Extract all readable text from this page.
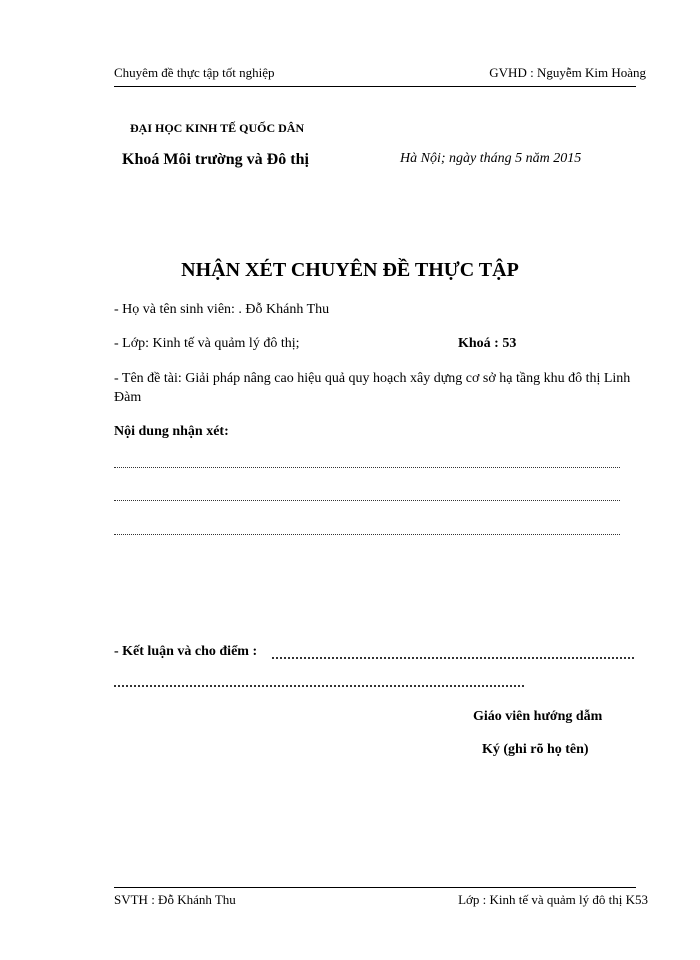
Chuyêm đề thực tập tốt nghiệp	GVHD : Nguyễm Kim Hoàng
ĐẠI HỌC KINH TẾ QUỐC DÂN
Khoá Môi trường và Đô thị	Hà Nội; ngày tháng 5 năm 2015
NHẬN XÉT CHUYÊN ĐỀ THỰC TẬP
- Họ và tên sinh viên: . Đỗ Khánh Thu
- Lớp: Kinh tế và quảm lý đô thị;	Khoá : 53
- Tên đề tài: Giải pháp nâng cao hiệu quả quy hoạch xây dựng cơ sở hạ tầng khu đô thị Linh Đàm
Nội dung nhận xét:
- Kết luận và cho điểm :
Giáo viên hướng dẫm
Ký (ghi rõ họ tên)
SVTH : Đỗ Khánh Thu	Lớp : Kinh tế và quảm lý đô thị K53
